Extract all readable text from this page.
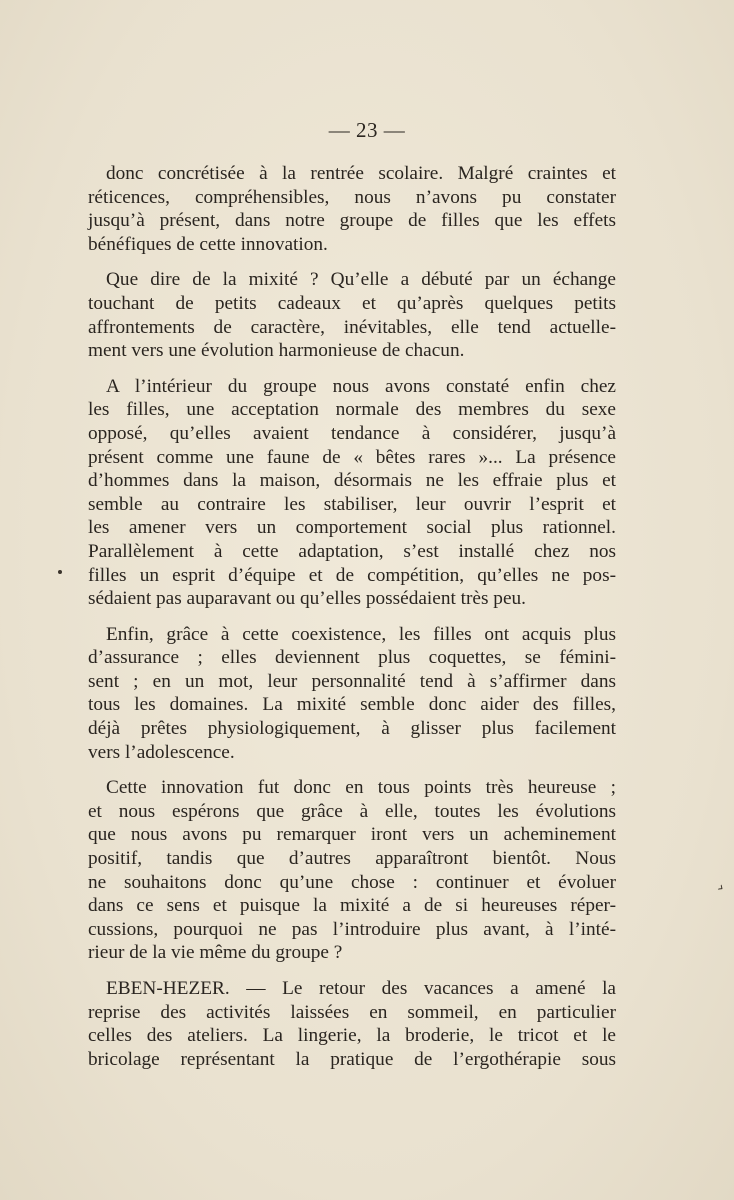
— 23 —

donc concrétisée à la rentrée scolaire. Malgré craintes et
réticences, compréhensibles, nous n’avons pu constater
jusqu’à présent, dans notre groupe de filles que les effets
bénéfiques de cette innovation.

Que dire de la mixité ? Qu’elle a débuté par un échange
touchant de petits cadeaux et qu’après quelques petits
affrontements de caractère, inévitables, elle tend actuelle-
ment vers une évolution harmonieuse de chacun.

A l’intérieur du groupe nous avons constaté enfin chez
les filles, une acceptation normale des membres du sexe
opposé, qu’elles avaient tendance à considérer, jusqu’à
présent comme une faune de « bêtes rares »... La présence
d’hommes dans la maison, désormais ne les effraie plus et
semble au contraire les stabiliser, leur ouvrir l’esprit et
les amener vers un comportement social plus rationnel.
Parallèlement à cette adaptation, s’est installé chez nos
filles un esprit d’équipe et de compétition, qu’elles ne pos-
sédaient pas auparavant ou qu’elles possédaient très peu.

Enfin, grâce à cette coexistence, les filles ont acquis plus
d’assurance ; elles deviennent plus coquettes, se fémini-
sent ; en un mot, leur personnalité tend à s’affirmer dans
tous les domaines. La mixité semble donc aider des filles,
déjà prêtes physiologiquement, à glisser plus facilement
vers l’adolescence.

Cette innovation fut donc en tous points très heureuse ;
et nous espérons que grâce à elle, toutes les évolutions
que nous avons pu remarquer iront vers un acheminement
positif, tandis que d’autres apparaîtront bientôt. Nous
ne souhaitons donc qu’une chose : continuer et évoluer
dans ce sens et puisque la mixité a de si heureuses réper-
cussions, pourquoi ne pas l’introduire plus avant, à l’inté-
rieur de la vie même du groupe ?

EBEN-HEZER. — Le retour des vacances a amené la
reprise des activités laissées en sommeil, en particulier
celles des ateliers. La lingerie, la broderie, le tricot et le
bricolage représentant la pratique de l’ergothérapie sous

›
